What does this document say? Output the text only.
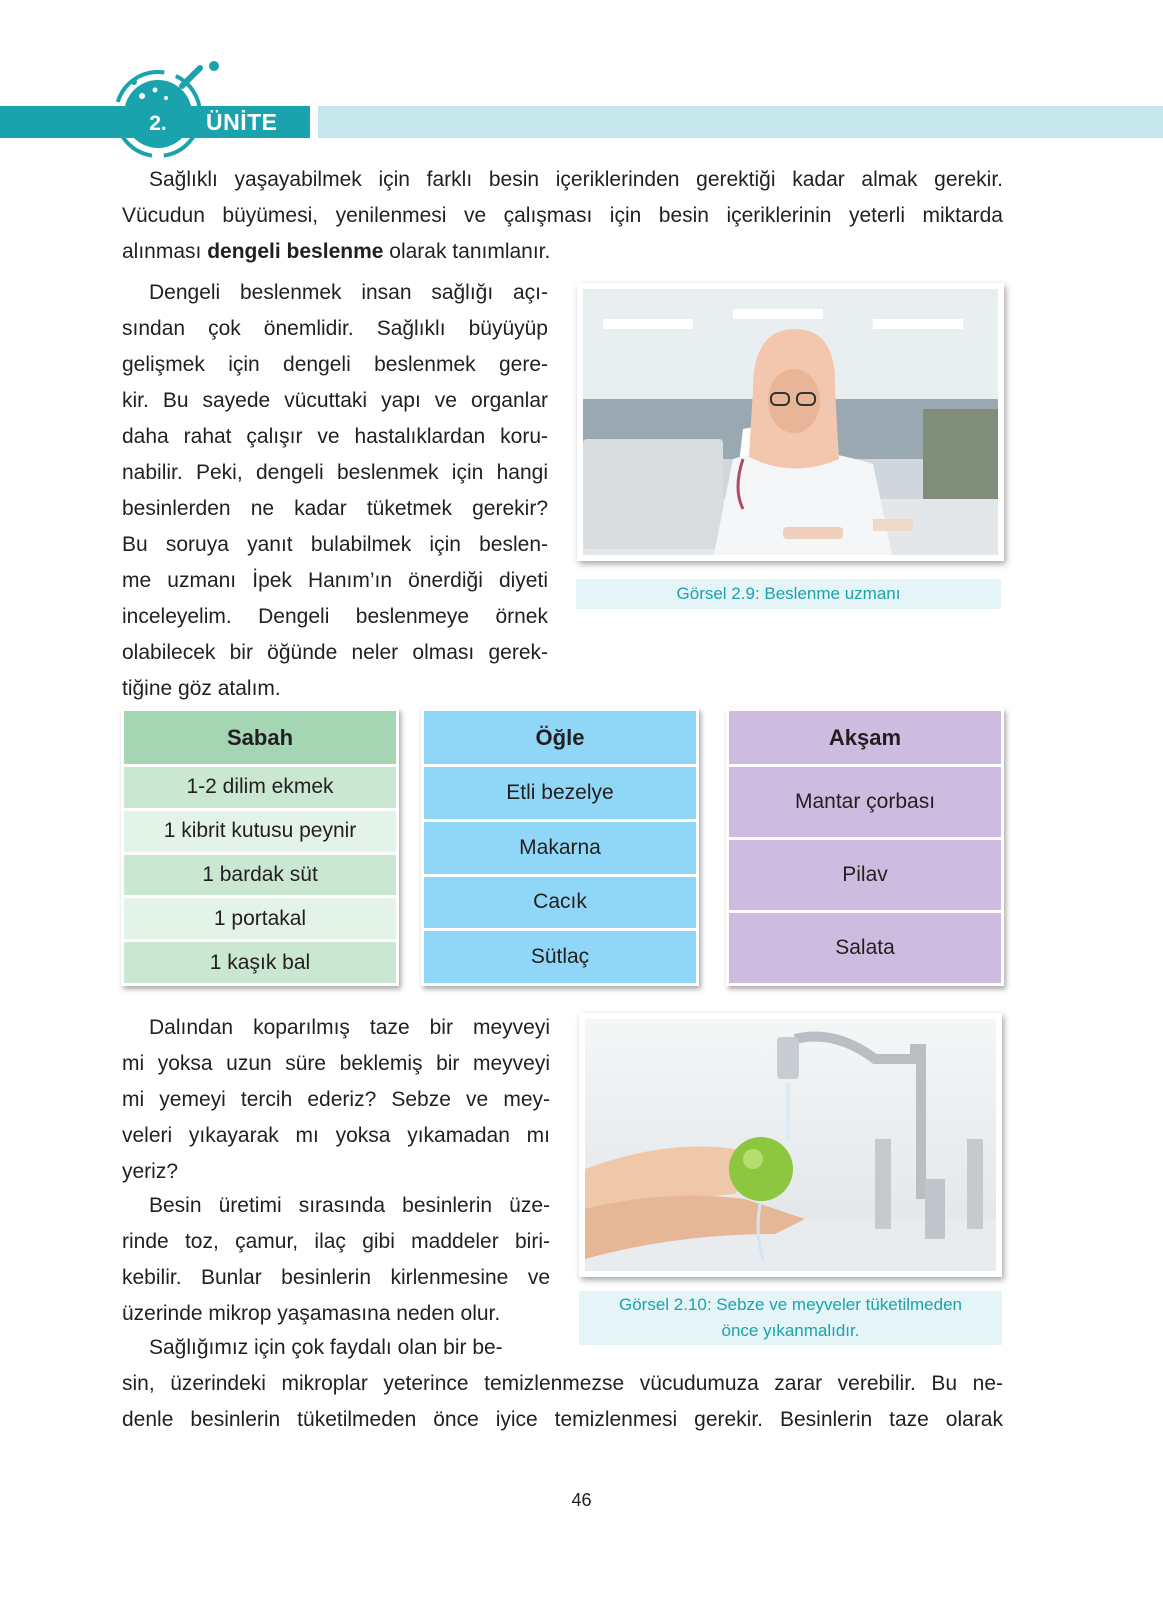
2.	ÜNİTE
Sağlıklı yaşayabilmek için farklı besin içeriklerinden gerektiği kadar almak gerekir.
Vücudun büyümesi, yenilenmesi ve çalışması için besin içeriklerinin yeterli miktarda
alınması dengeli beslenme olarak tanımlanır.
Dengeli beslenmek insan sağlığı açı-
sından çok önemlidir. Sağlıklı büyüyüp
gelişmek için dengeli beslenmek gere-
kir. Bu sayede vücuttaki yapı ve organlar
daha rahat çalışır ve hastalıklardan koru-
nabilir. Peki, dengeli beslenmek için hangi
besinlerden ne kadar tüketmek gerekir?
Bu soruya yanıt bulabilmek için beslen-
me uzmanı İpek Hanım’ın önerdiği diyeti
inceleyelim. Dengeli beslenmeye örnek
olabilecek bir öğünde neler olması gerek-
tiğine göz atalım.
Görsel 2.9: Beslenme uzmanı
Sabah
1-2 dilim ekmek
1 kibrit kutusu peynir
1 bardak süt
1 portakal
1 kaşık bal
Öğle
Etli bezelye
Makarna
Cacık
Sütlaç
Akşam
Mantar çorbası
Pilav
Salata
Dalından koparılmış taze bir meyveyi
mi yoksa uzun süre beklemiş bir meyveyi
mi yemeyi tercih ederiz? Sebze ve mey-
veleri yıkayarak mı yoksa yıkamadan mı
yeriz?
Besin üretimi sırasında besinlerin üze-
rinde toz, çamur, ilaç gibi maddeler biri-
kebilir. Bunlar besinlerin kirlenmesine ve
üzerinde mikrop yaşamasına neden olur.	Görsel 2.10: Sebze ve meyveler tüketilmeden
önce yıkanmalıdır.
Sağlığımız için çok faydalı olan bir be-
sin, üzerindeki mikroplar yeterince temizlenmezse vücudumuza zarar verebilir. Bu ne-
denle besinlerin tüketilmeden önce iyice temizlenmesi gerekir. Besinlerin taze olarak
46
